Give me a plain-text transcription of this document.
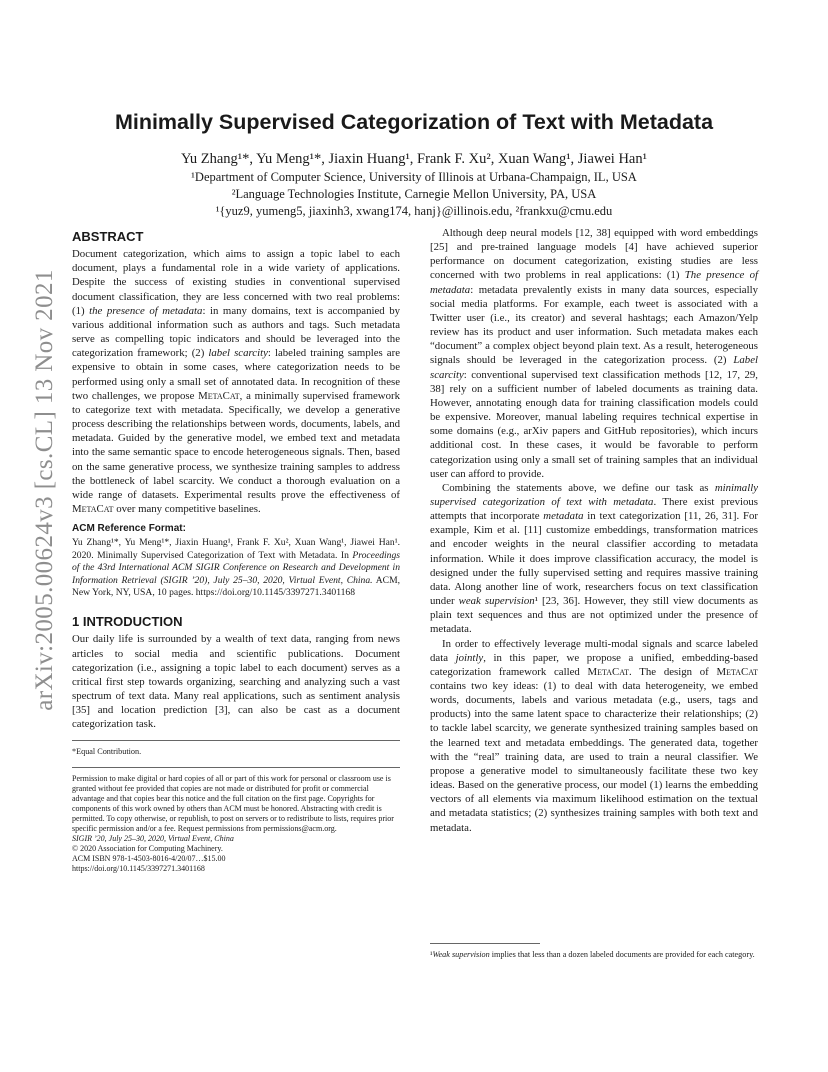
arXiv:2005.00624v3 [cs.CL] 13 Nov 2021
Minimally Supervised Categorization of Text with Metadata
Yu Zhang¹*, Yu Meng¹*, Jiaxin Huang¹, Frank F. Xu², Xuan Wang¹, Jiawei Han¹
¹Department of Computer Science, University of Illinois at Urbana-Champaign, IL, USA
²Language Technologies Institute, Carnegie Mellon University, PA, USA
¹{yuz9, yumeng5, jiaxinh3, xwang174, hanj}@illinois.edu, ²frankxu@cmu.edu
ABSTRACT

Document categorization, which aims to assign a topic label to each document, plays a fundamental role in a wide variety of applications. Despite the success of existing studies in conventional supervised document classification, they are less concerned with two real problems: (1) the presence of metadata: in many domains, text is accompanied by various additional information such as authors and tags. Such metadata serve as compelling topic indicators and should be leveraged into the categorization framework; (2) label scarcity: labeled training samples are expensive to obtain in some cases, where categorization needs to be performed using only a small set of annotated data. In recognition of these two challenges, we propose MetaCat, a minimally supervised framework to categorize text with metadata. Specifically, we develop a generative process describing the relationships between words, documents, labels, and metadata. Guided by the generative model, we embed text and metadata into the same semantic space to encode heterogeneous signals. Then, based on the same generative process, we synthesize training samples to address the bottleneck of label scarcity. We conduct a thorough evaluation on a wide range of datasets. Experimental results prove the effectiveness of MetaCat over many competitive baselines.

ACM Reference Format:

Yu Zhang¹*, Yu Meng¹*, Jiaxin Huang¹, Frank F. Xu², Xuan Wang¹, Jiawei Han¹. 2020. Minimally Supervised Categorization of Text with Metadata. In Proceedings of the 43rd International ACM SIGIR Conference on Research and Development in Information Retrieval (SIGIR ’20), July 25–30, 2020, Virtual Event, China. ACM, New York, NY, USA, 10 pages. https://doi.org/10.1145/3397271.3401168

1 INTRODUCTION

Our daily life is surrounded by a wealth of text data, ranging from news articles to social media and scientific publications. Document categorization (i.e., assigning a topic label to each document) serves as a critical first step towards organizing, searching and analyzing such a vast spectrum of text data. Many real applications, such as sentiment analysis [35] and location prediction [3], can also be cast as a document categorization task.

*Equal Contribution.
Permission to make digital or hard copies of all or part of this work for personal or classroom use is granted without fee provided that copies are not made or distributed for profit or commercial advantage and that copies bear this notice and the full citation on the first page. Copyrights for components of this work owned by others than ACM must be honored. Abstracting with credit is permitted. To copy otherwise, or republish, to post on servers or to redistribute to lists, requires prior specific permission and/or a fee. Request permissions from permissions@acm.org.
SIGIR ’20, July 25–30, 2020, Virtual Event, China
© 2020 Association for Computing Machinery.
ACM ISBN 978-1-4503-8016-4/20/07…$15.00
https://doi.org/10.1145/3397271.3401168

Although deep neural models [12, 38] equipped with word embeddings [25] and pre-trained language models [4] have achieved superior performance on document categorization, existing studies are less concerned with two problems in real applications: (1) The presence of metadata: metadata prevalently exists in many data sources, especially social media platforms. For example, each tweet is associated with a Twitter user (i.e., its creator) and several hashtags; each Amazon/Yelp review has its product and user information. Such metadata makes each “document” a complex object beyond plain text. As a result, heterogeneous signals should be leveraged in the categorization process. (2) Label scarcity: conventional supervised text classification methods [12, 17, 29, 38] rely on a sufficient number of labeled documents as training data. However, annotating enough data for training classification models could be expensive. Moreover, manual labeling requires technical expertise in some domains (e.g., arXiv papers and GitHub repositories), which incurs additional cost. In these cases, it would be favorable to perform categorization using only a small set of training samples that an individual user can afford to provide.

Combining the statements above, we define our task as minimally supervised categorization of text with metadata. There exist previous attempts that incorporate metadata in text categorization [11, 26, 31]. For example, Kim et al. [11] customize embeddings, transformation matrices and encoder weights in the neural classifier according to metadata information. While it does improve classification accuracy, the model is designed under the fully supervised setting and requires massive training data. Along another line of work, researchers focus on text classification under weak supervision¹ [23, 36]. However, they still view documents as plain text sequences and thus are not optimized under the presence of metadata.

In order to effectively leverage multi-modal signals and scarce labeled data jointly, in this paper, we propose a unified, embedding-based categorization framework called MetaCat. The design of MetaCat contains two key ideas: (1) to deal with data heterogeneity, we embed words, documents, labels and various metadata (e.g., users, tags and products) into the same latent space to characterize their relationships; (2) to tackle label scarcity, we generate synthesized training samples based on the learned text and metadata embeddings. The generated data, together with the “real” training data, are used to train a neural classifier. We propose a generative model to simultaneously facilitate these two key ideas. Based on the generative process, our model (1) learns the embedding vectors of all elements via maximum likelihood estimation on the textual and metadata statistics; (2) synthesizes training samples with both text and metadata.

¹Weak supervision implies that less than a dozen labeled documents are provided for each category.
